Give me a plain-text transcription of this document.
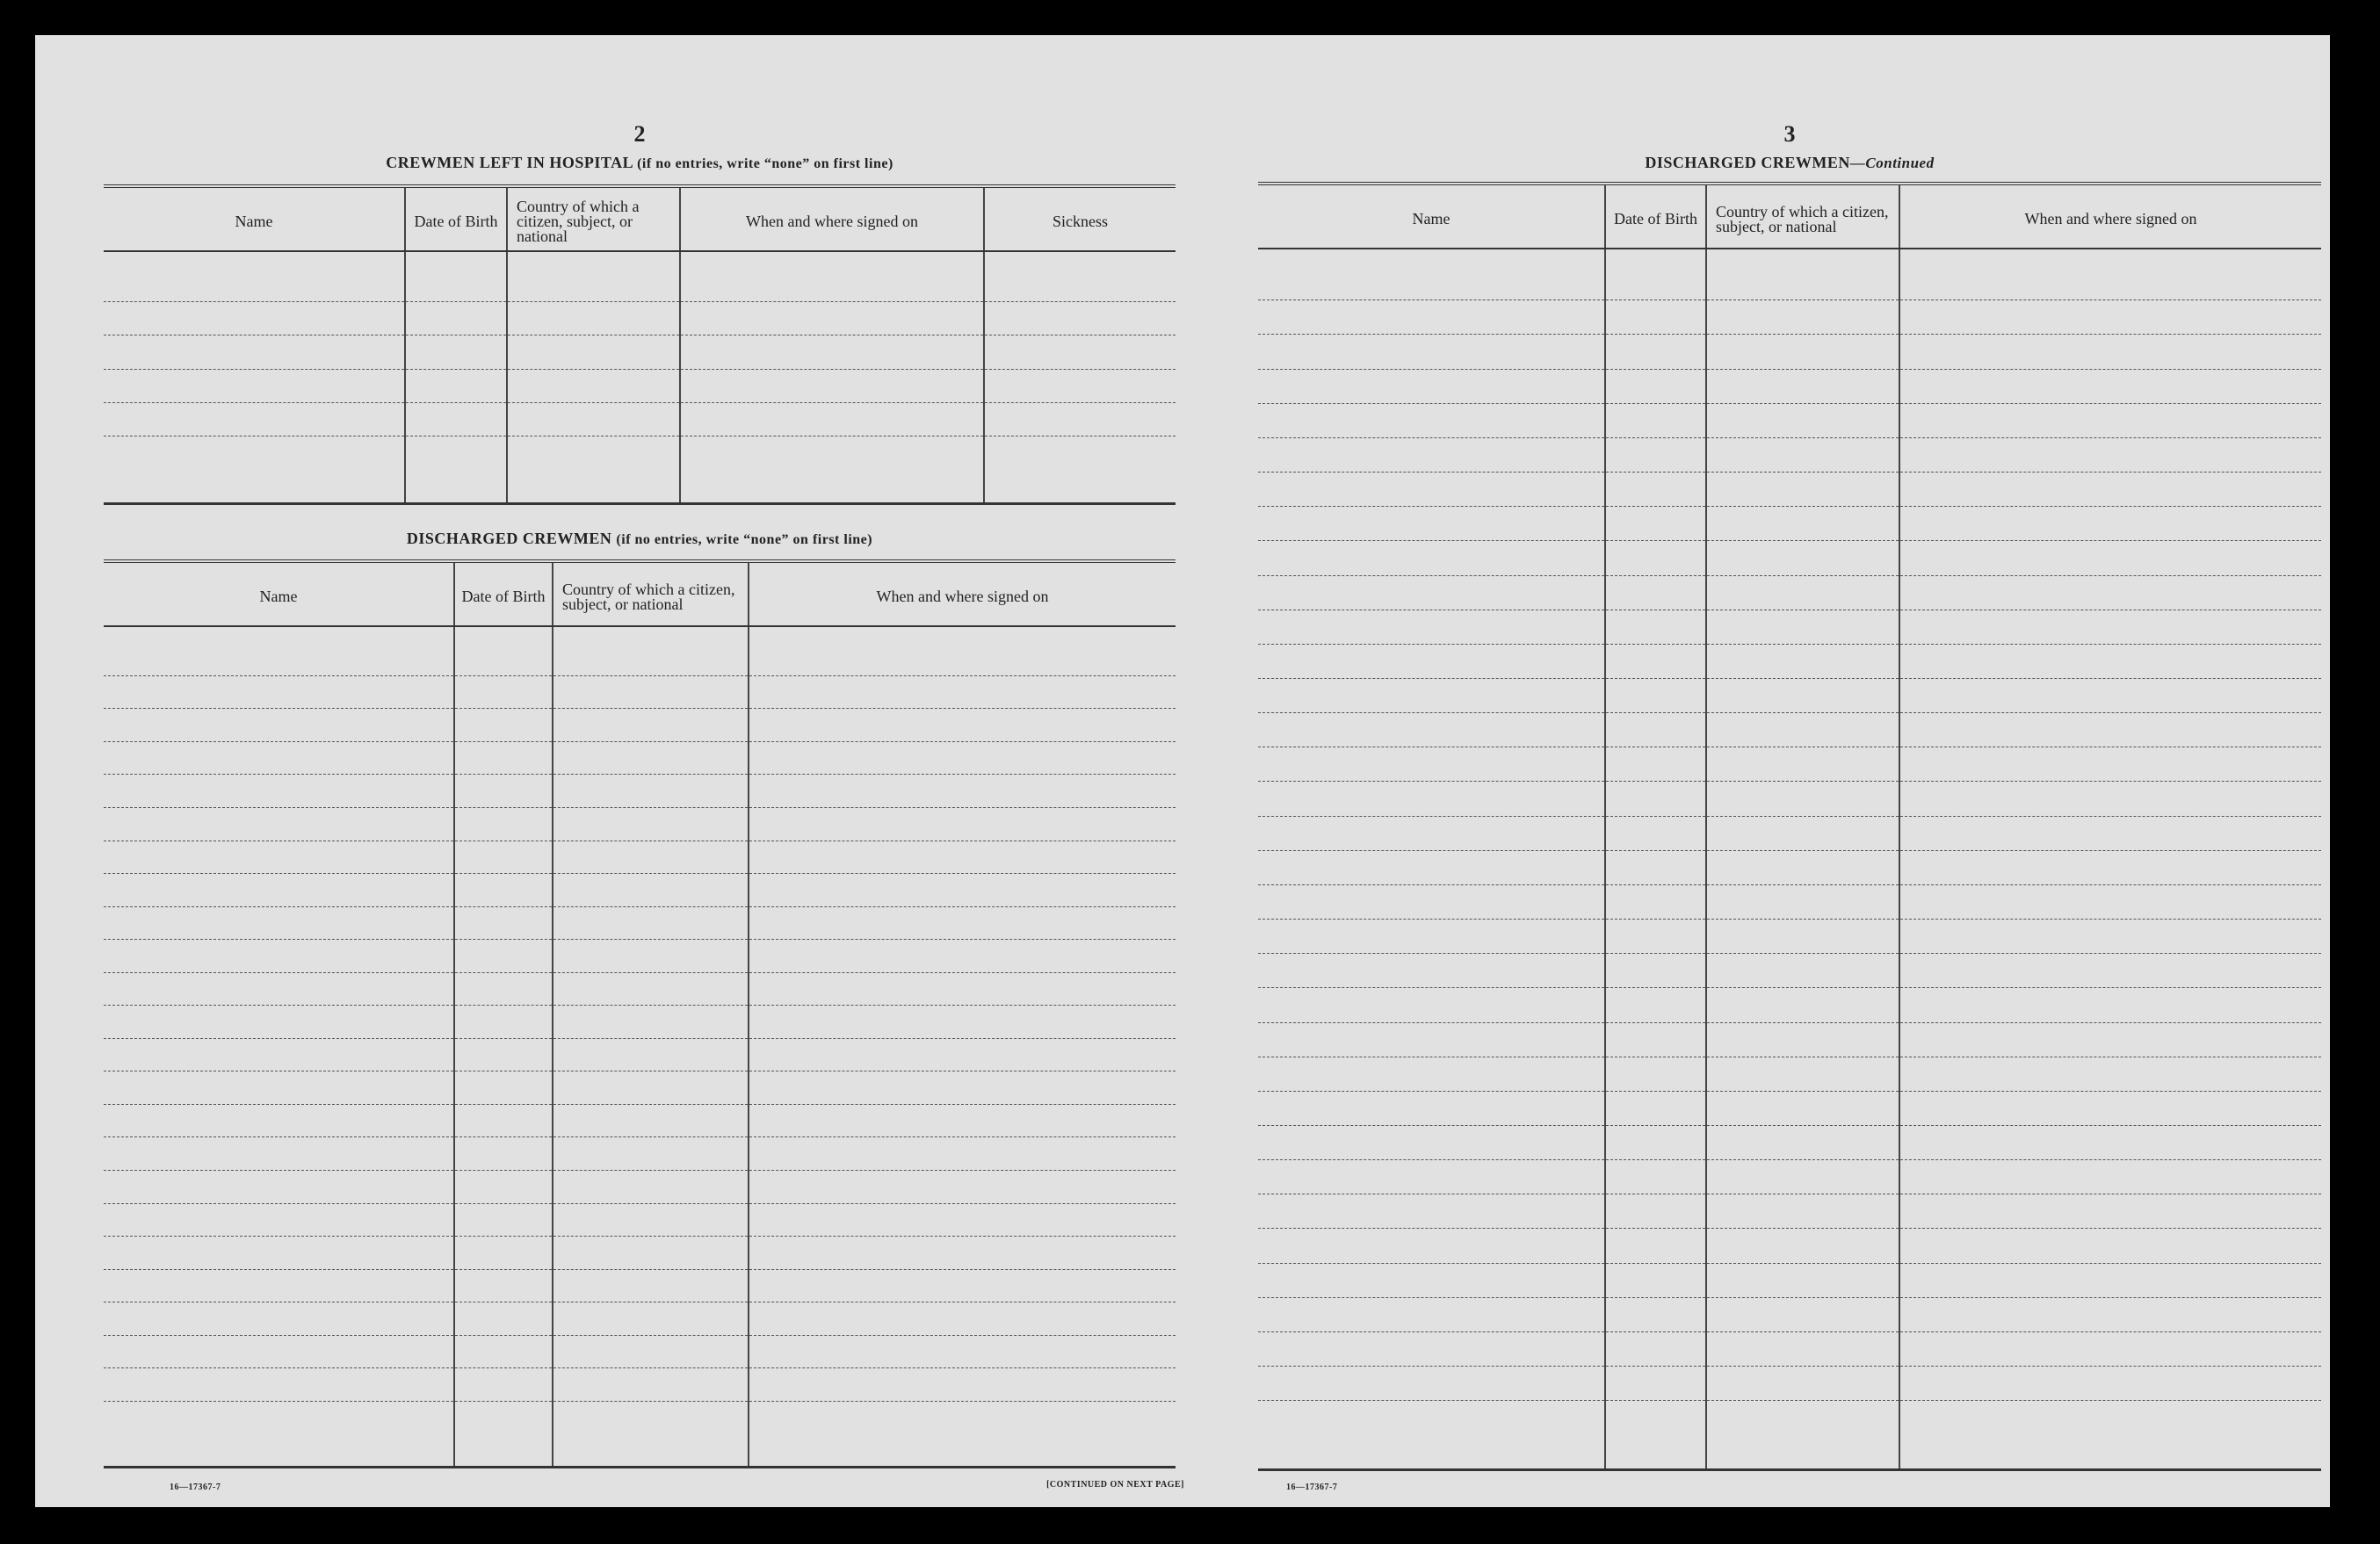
2
CREWMEN LEFT IN HOSPITAL (if no entries, write “none” on first line)
Name	Date of Birth	Country of which a citizen, subject, or national	When and where signed on	Sickness

DISCHARGED CREWMEN (if no entries, write “none” on first line)
Name	Date of Birth	Country of which a citizen, subject, or national	When and where signed on

16—17367-7	[CONTINUED ON NEXT PAGE]
3
DISCHARGED CREWMEN—Continued
Name	Date of Birth	Country of which a citizen, subject, or national	When and where signed on

16—17367-7
